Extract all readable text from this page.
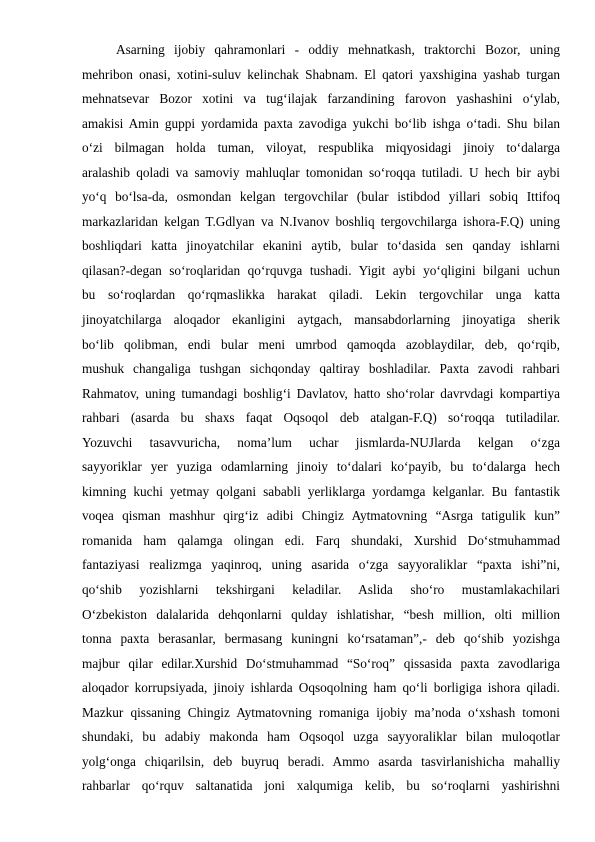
Asarning ijobiy qahramonlari - oddiy mehnatkash, traktorchi Bozor, uning
mehribon onasi, xotini-suluv kelinchak Shabnam. El qatori yaxshigina yashab turgan
mehnatsevar Bozor xotini va tug‘ilajak farzandining farovon yashashini o‘ylab,
amakisi Amin guppi yordamida paxta zavodiga yukchi bo‘lib ishga o‘tadi. Shu bilan
o‘zi bilmagan holda tuman, viloyat, respublika miqyosidagi jinoiy to‘dalarga
aralashib qoladi va samoviy mahluqlar tomonidan so‘roqqa tutiladi. U hech bir aybi
yo‘q bo‘lsa-da, osmondan kelgan tergovchilar (bular istibdod yillari sobiq Ittifoq
markazlaridan kelgan T.Gdlyan va N.Ivanov boshliq tergovchilarga ishora-F.Q) uning
boshliqdari katta jinoyatchilar ekanini aytib, bular to‘dasida sen qanday ishlarni
qilasan?-degan so‘roqlaridan qo‘rquvga tushadi. Yigit aybi yo‘qligini bilgani uchun
bu so‘roqlardan qo‘rqmaslikka harakat qiladi. Lekin tergovchilar unga katta
jinoyatchilarga aloqador ekanligini aytgach, mansabdorlarning jinoyatiga sherik
bo‘lib qolibman, endi bular meni umrbod qamoqda azoblaydilar, deb, qo‘rqib,
mushuk changaliga tushgan sichqonday qaltiray boshladilar. Paxta zavodi rahbari
Rahmatov, uning tumandagi boshlig‘i Davlatov, hatto sho‘rolar davrvdagi kompartiya
rahbari (asarda bu shaxs faqat Oqsoqol deb atalgan-F.Q) so‘roqqa tutiladilar.
Yozuvchi tasavvuricha, noma’lum uchar jismlarda-NUJlarda kelgan o‘zga
sayyoriklar yer yuziga odamlarning jinoiy to‘dalari ko‘payib, bu to‘dalarga hech
kimning kuchi yetmay qolgani sababli yerliklarga yordamga kelganlar. Bu fantastik
voqea qisman mashhur qirg‘iz adibi Chingiz Aytmatovning “Asrga tatigulik kun”
romanida ham qalamga olingan edi. Farq shundaki, Xurshid Do‘stmuhammad
fantaziyasi realizmga yaqinroq, uning asarida o‘zga sayyoraliklar “paxta ishi”ni,
qo‘shib yozishlarni tekshirgani keladilar. Aslida sho‘ro mustamlakachilari
O‘zbekiston dalalarida dehqonlarni qulday ishlatishar, “besh million, olti million
tonna paxta berasanlar, bermasang kuningni ko‘rsataman”,- deb qo‘shib yozishga
majbur qilar edilar.Xurshid Do‘stmuhammad “So‘roq” qissasida paxta zavodlariga
aloqador korrupsiyada, jinoiy ishlarda Oqsoqolning ham qo‘li borligiga ishora qiladi.
Mazkur qissaning Chingiz Aytmatovning romaniga ijobiy ma’noda o‘xshash tomoni
shundaki, bu adabiy makonda ham Oqsoqol uzga sayyoraliklar bilan muloqotlar
yolg‘onga chiqarilsin, deb buyruq beradi. Ammo asarda tasvirlanishicha mahalliy
rahbarlar qo‘rquv saltanatida joni xalqumiga kelib, bu so‘roqlarni yashirishni
